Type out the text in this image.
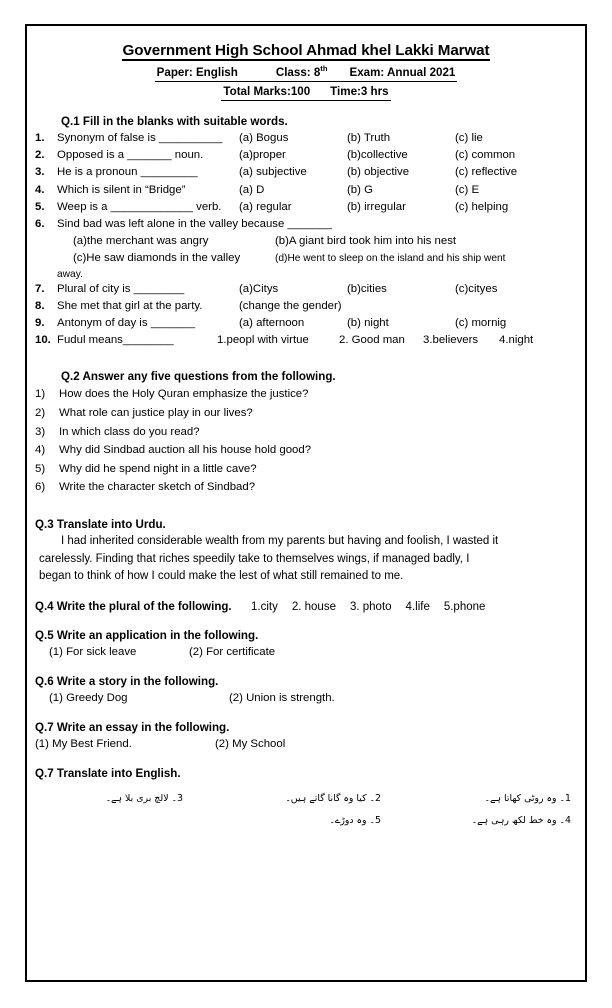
Government High School Ahmad khel Lakki Marwat
Paper: English	Class: 8th Exam: Annual 2021
Total Marks:100 Time:3 hrs
Q.1 Fill in the blanks with suitable words.
1. Synonym of false is __________ (a) Bogus	(b) Truth	(c) lie
2. Opposed is a _______ noun.	(a)proper	(b)collective	(c) common
3. He is a pronoun _________	(a) subjective	(b) objective	(c) reflective
4. Which is silent in “Bridge”	(a) D	(b) G	(c) E
5. Weep is a _____________ verb. (a) regular	(b) irregular	(c) helping
6. Sind bad was left alone in the valley because _______
(a)the merchant was angry	(b)A giant bird took him into his nest
(c)He saw diamonds in the valley	(d)He went to sleep on the island and his ship went
away.
7. Plural of city is ________	(a)Citys	(b)cities	(c)cityes
8. She met that girl at the party.	(change the gender)
9. Antonym of day is _______	(a) afternoon	(b) night	(c) mornig
10. Fudul means________	1.peopl with virtue	2. Good man 3.believers 4.night
Q.2 Answer any five questions from the following.
1) How does the Holy Quran emphasize the justice?
2) What role can justice play in our lives?
3) In which class do you read?
4) Why did Sindbad auction all his house hold good?
5) Why did he spend night in a little cave?
6) Write the character sketch of Sindbad?
Q.3 Translate into Urdu.
I had inherited considerable wealth from my parents but having and foolish, I wasted it
carelessly. Finding that riches speedily take to themselves wings, if managed badly, I
began to think of how I could make the lest of what still remained to me.
Q.4 Write the plural of the following. 1.city 2. house 3. photo 4.life 5.phone
Q.5 Write an application in the following.
(1) For sick leave	(2) For certificate
Q.6 Write a story in the following.
(1) Greedy Dog	(2) Union is strength.
Q.7 Write an essay in the following.
(1) My Best Friend.	(2) My School
Q.7 Translate into English.
3۔ لالچ بری بلا ہے۔	2۔ کیا وہ گانا گاتے ہیں۔	1۔ وہ روٹی کھاتا ہے۔
5۔ وہ دوڑے۔	4۔ وہ خط لکھ رہی ہے۔
